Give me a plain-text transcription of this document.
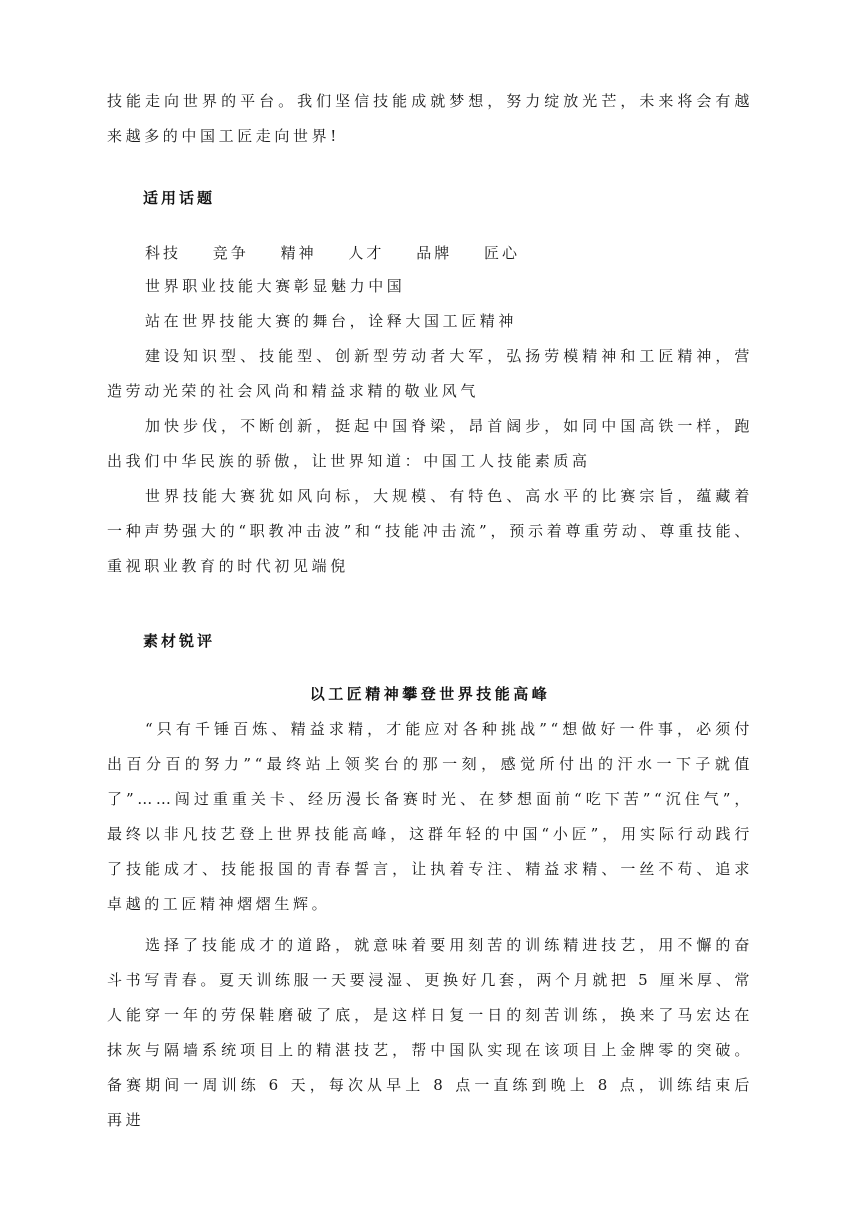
技能走向世界的平台。我们坚信技能成就梦想，努力绽放光芒，未来将会有越来越多的中国工匠走向世界!

适用话题
科技 竞争 精神 人才 品牌 匠心

世界职业技能大赛彰显魅力中国

站在世界技能大赛的舞台，诠释大国工匠精神

建设知识型、技能型、创新型劳动者大军，弘扬劳模精神和工匠精神，营造劳动光荣的社会风尚和精益求精的敬业风气

加快步伐，不断创新，挺起中国脊梁，昂首阔步，如同中国高铁一样，跑出我们中华民族的骄傲，让世界知道：中国工人技能素质高

世界技能大赛犹如风向标，大规模、有特色、高水平的比赛宗旨，蕴藏着一种声势强大的“职教冲击波”和“技能冲击流”，预示着尊重劳动、尊重技能、重视职业教育的时代初见端倪

素材锐评
以工匠精神攀登世界技能高峰

“只有千锤百炼、精益求精，才能应对各种挑战”“想做好一件事，必须付出百分百的努力”“最终站上领奖台的那一刻，感觉所付出的汗水一下子就值了”……闯过重重关卡、经历漫长备赛时光、在梦想面前“吃下苦”“沉住气”，最终以非凡技艺登上世界技能高峰，这群年轻的中国“小匠”，用实际行动践行了技能成才、技能报国的青春誓言，让执着专注、精益求精、一丝不苟、追求卓越的工匠精神熠熠生辉。

选择了技能成才的道路，就意味着要用刻苦的训练精进技艺，用不懈的奋斗书写青春。夏天训练服一天要浸湿、更换好几套，两个月就把 5 厘米厚、常人能穿一年的劳保鞋磨破了底，是这样日复一日的刻苦训练，换来了马宏达在抹灰与隔墙系统项目上的精湛技艺，帮中国队实现在该项目上金牌零的突破。备赛期间一周训练 6 天，每次从早上 8 点一直练到晚上 8 点，训练结束后再进
